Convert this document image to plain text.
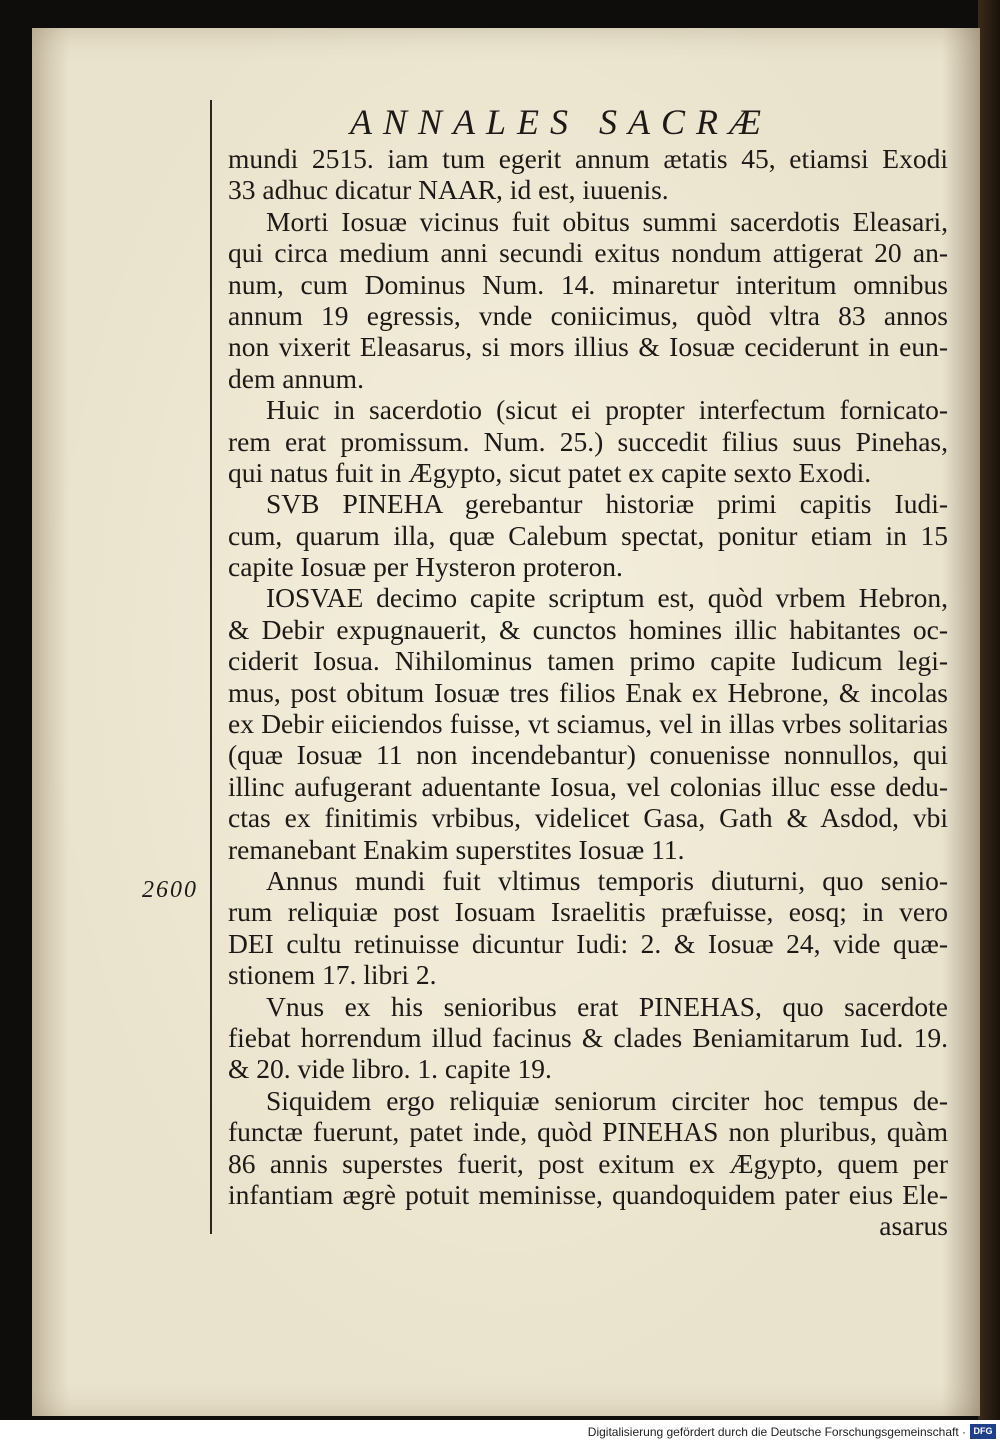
ANNALES SACRÆ
2600
mundi 2515. iam tum egerit annum ætatis 45, etiamsi Exodi
33 adhuc dicatur NAAR, id est, iuuenis.
Morti Iosuæ vicinus fuit obitus summi sacerdotis Eleasari,
qui circa medium anni secundi exitus nondum attigerat 20 an-
num, cum Dominus Num. 14. minaretur interitum omnibus
annum 19 egressis, vnde coniicimus, quòd vltra 83 annos
non vixerit Eleasarus, si mors illius & Iosuæ ceciderunt in eun-
dem annum.
Huic in sacerdotio (sicut ei propter interfectum fornicato-
rem erat promissum. Num. 25.) succedit filius suus Pinehas,
qui natus fuit in Ægypto, sicut patet ex capite sexto Exodi.
SVB PINEHA gerebantur historiæ primi capitis Iudi-
cum, quarum illa, quæ Calebum spectat, ponitur etiam in 15
capite Iosuæ per Hysteron proteron.
IOSVAE decimo capite scriptum est, quòd vrbem Hebron,
& Debir expugnauerit, & cunctos homines illic habitantes oc-
ciderit Iosua. Nihilominus tamen primo capite Iudicum legi-
mus, post obitum Iosuæ tres filios Enak ex Hebrone, & incolas
ex Debir eiiciendos fuisse, vt sciamus, vel in illas vrbes solitarias
(quæ Iosuæ 11 non incendebantur) conuenisse nonnullos, qui
illinc aufugerant aduentante Iosua, vel colonias illuc esse dedu-
ctas ex finitimis vrbibus, videlicet Gasa, Gath & Asdod, vbi
remanebant Enakim superstites Iosuæ 11.
Annus mundi fuit vltimus temporis diuturni, quo senio-
rum reliquiæ post Iosuam Israelitis præfuisse, eosq; in vero
DEI cultu retinuisse dicuntur Iudi: 2. & Iosuæ 24, vide quæ-
stionem 17. libri 2.
Vnus ex his senioribus erat PINEHAS, quo sacerdote
fiebat horrendum illud facinus & clades Beniamitarum Iud. 19.
& 20. vide libro. 1. capite 19.
Siquidem ergo reliquiæ seniorum circiter hoc tempus de-
functæ fuerunt, patet inde, quòd PINEHAS non pluribus, quàm
86 annis superstes fuerit, post exitum ex Ægypto, quem per
infantiam ægrè potuit meminisse, quandoquidem pater eius Ele-
asarus
Digitalisierung gefördert durch die Deutsche Forschungsgemeinschaft · DFG
